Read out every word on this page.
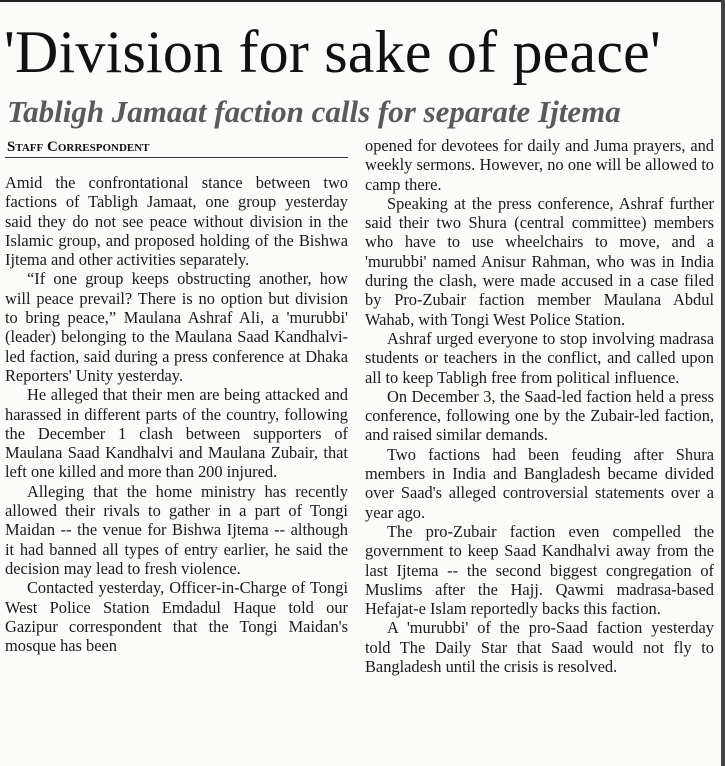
'Division for sake of peace'
Tabligh Jamaat faction calls for separate Ijtema
Staff Correspondent

Amid the confrontational stance between two factions of Tabligh Jamaat, one group yesterday said they do not see peace without division in the Islamic group, and proposed holding of the Bishwa Ijtema and other activities separately.

“If one group keeps obstructing another, how will peace prevail? There is no option but division to bring peace,” Maulana Ashraf Ali, a 'murubbi' (leader) belonging to the Maulana Saad Kandhalvi-led faction, said during a press conference at Dhaka Reporters' Unity yesterday.

He alleged that their men are being attacked and harassed in different parts of the country, following the December 1 clash between supporters of Maulana Saad Kandhalvi and Maulana Zubair, that left one killed and more than 200 injured.

Alleging that the home ministry has recently allowed their rivals to gather in a part of Tongi Maidan -- the venue for Bishwa Ijtema -- although it had banned all types of entry earlier, he said the decision may lead to fresh violence.

Contacted yesterday, Officer-in-Charge of Tongi West Police Station Emdadul Haque told our Gazipur correspondent that the Tongi Maidan's mosque has been

opened for devotees for daily and Juma prayers, and weekly sermons. However, no one will be allowed to camp there.

Speaking at the press conference, Ashraf further said their two Shura (central committee) members who have to use wheelchairs to move, and a 'murubbi' named Anisur Rahman, who was in India during the clash, were made accused in a case filed by Pro-Zubair faction member Maulana Abdul Wahab, with Tongi West Police Station.

Ashraf urged everyone to stop involving madrasa students or teachers in the conflict, and called upon all to keep Tabligh free from political influence.

On December 3, the Saad-led faction held a press conference, following one by the Zubair-led faction, and raised similar demands.

Two factions had been feuding after Shura members in India and Bangladesh became divided over Saad's alleged controversial statements over a year ago.

The pro-Zubair faction even compelled the government to keep Saad Kandhalvi away from the last Ijtema -- the second biggest congregation of Muslims after the Hajj. Qawmi madrasa-based Hefajat-e Islam reportedly backs this faction.

A 'murubbi' of the pro-Saad faction yesterday told The Daily Star that Saad would not fly to Bangladesh until the crisis is resolved.
